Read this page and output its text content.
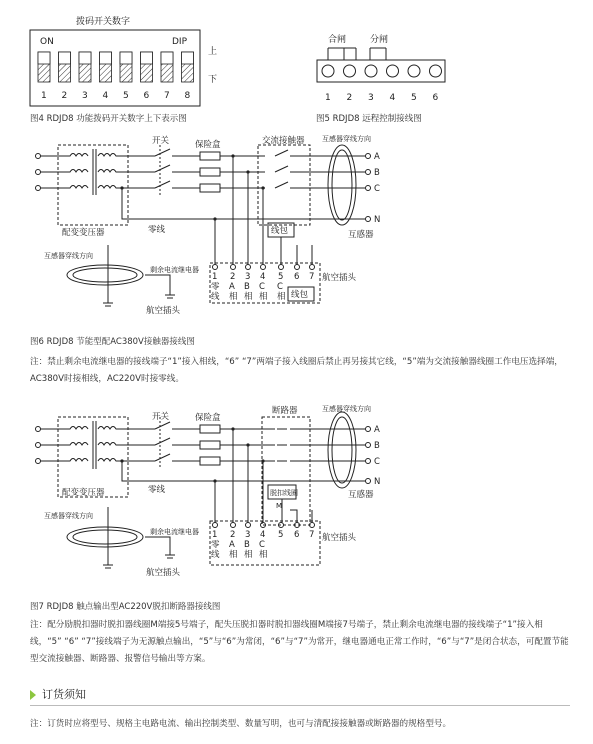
拨码开关数字
ON	DIP
上
下
1 2 3 4 5 6 7 8
图4 RDJD8 功能拨码开关数字上下表示图
合闸	分闸
1 2 3 4 5 6
图5 RDJD8 远程控制接线图
开关	保险盒	交流接触器 互感器穿线方向
A
B
C
N
配变变压器	零线	线包	互感器
互感器穿线方向
剩余电流继电器
航空插头
航空插头
线包
1 2 3 4 5 6 7
零
线
A
相
B
相
C
相
C
相
图6 RDJD8 节能型配AC380V接触器接线图
注：禁止剩余电流继电器的接线端子“1”接入相线，“6” “7”两端子接入线圈后禁止再另接其它线，“5”端为交流接触器线圈工作电压选择端，AC380V时接相线，AC220V时接零线。
开关	保险盒
断路器	互感器穿线方向
A
B
C
N
配变变压器	零线	脱扣线圈
M
互感器
互感器穿线方向
剩余电流继电器
航空插头
航空插头
1 2 3 4 5 6 7
零
线
A
相
B
相
C
相
图7 RDJD8 触点输出型AC220V脱扣断路器接线图
注：配分励脱扣器时脱扣器线圈M端接5号端子，配失压脱扣器时脱扣器线圈M端接7号端子，禁止剩余电流继电器的接线端子“1”接入相线，“5” “6” “7”接线端子为无源触点输出，“5”与“6”为常闭，“6”与“7”为常开，继电器通电正常工作时，“6”与“7”是闭合状态，可配置节能型交流接触器、断路器、报警信号输出等方案。
订货须知
注：订货时应将型号、规格主电路电流、输出控制类型、数量写明，也可与清配接接触器或断路器的规格型号。
